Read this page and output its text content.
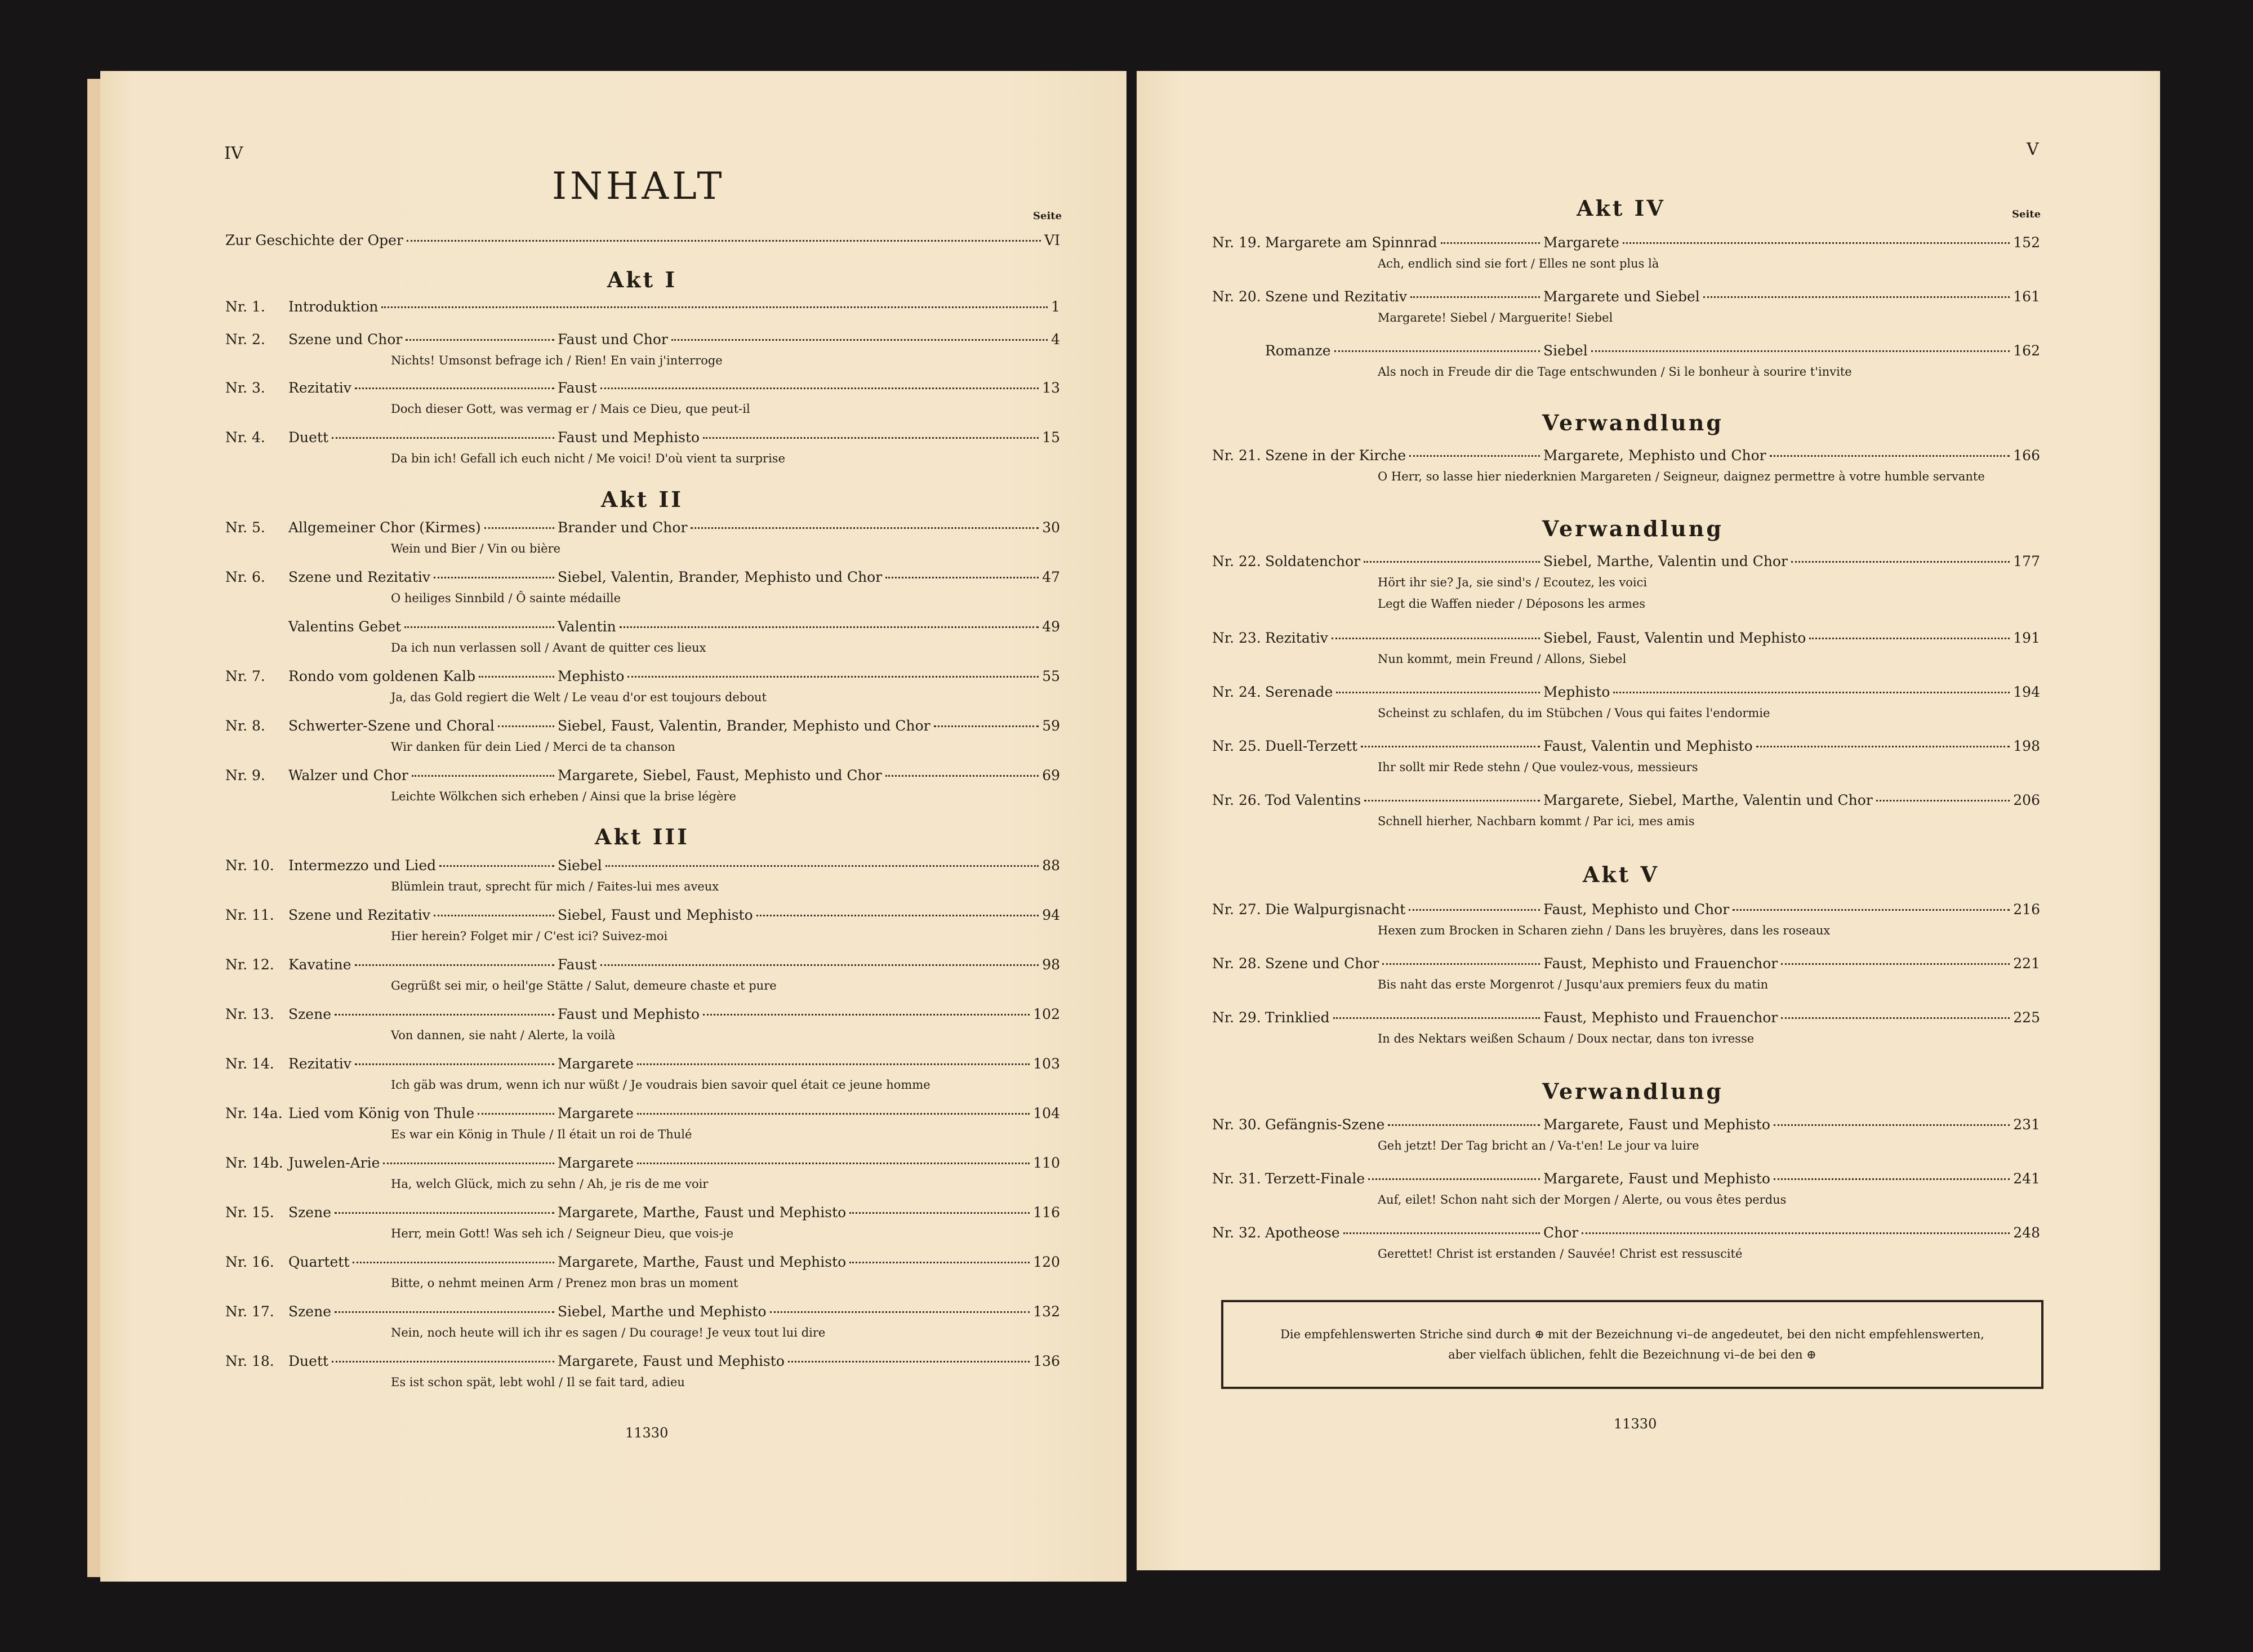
IV
INHALT
Seite
Zur Geschichte der Oper	VI
Akt I
Nr. 1.	Introduktion	1
Nr. 2.	Szene und Chor	Faust und Chor	4
Nichts! Umsonst befrage ich / Rien! En vain j'interroge
Nr. 3.	Rezitativ	Faust	13
Doch dieser Gott, was vermag er / Mais ce Dieu, que peut-il
Nr. 4.	Duett	Faust und Mephisto	15
Da bin ich! Gefall ich euch nicht / Me voici! D'où vient ta surprise
Akt II
Nr. 5.	Allgemeiner Chor (Kirmes)	Brander und Chor	30
Wein und Bier / Vin ou bière
Nr. 6.	Szene und Rezitativ	Siebel, Valentin, Brander, Mephisto und Chor	47
O heiliges Sinnbild / Ô sainte médaille
Valentins Gebet	Valentin	49
Da ich nun verlassen soll / Avant de quitter ces lieux
Nr. 7.	Rondo vom goldenen Kalb	Mephisto	55
Ja, das Gold regiert die Welt / Le veau d'or est toujours debout
Nr. 8.	Schwerter-Szene und Choral	Siebel, Faust, Valentin, Brander, Mephisto und Chor	59
Wir danken für dein Lied / Merci de ta chanson
Nr. 9.	Walzer und Chor	Margarete, Siebel, Faust, Mephisto und Chor	69
Leichte Wölkchen sich erheben / Ainsi que la brise légère
Akt III
Nr. 10.	Intermezzo und Lied	Siebel	88
Blümlein traut, sprecht für mich / Faites-lui mes aveux
Nr. 11.	Szene und Rezitativ	Siebel, Faust und Mephisto	94
Hier herein? Folget mir / C'est ici? Suivez-moi
Nr. 12.	Kavatine	Faust	98
Gegrüßt sei mir, o heil'ge Stätte / Salut, demeure chaste et pure
Nr. 13.	Szene	Faust und Mephisto	102
Von dannen, sie naht / Alerte, la voilà
Nr. 14.	Rezitativ	Margarete	103
Ich gäb was drum, wenn ich nur wüßt / Je voudrais bien savoir quel était ce jeune homme
Nr. 14a. Lied vom König von Thule	Margarete	104
Es war ein König in Thule / Il était un roi de Thulé
Nr. 14b. Juwelen-Arie	Margarete	110
Ha, welch Glück, mich zu sehn / Ah, je ris de me voir
Nr. 15.	Szene	Margarete, Marthe, Faust und Mephisto	116
Herr, mein Gott! Was seh ich / Seigneur Dieu, que vois-je
Nr. 16.	Quartett	Margarete, Marthe, Faust und Mephisto	120
Bitte, o nehmt meinen Arm / Prenez mon bras un moment
Nr. 17.	Szene	Siebel, Marthe und Mephisto	132
Nein, noch heute will ich ihr es sagen / Du courage! Je veux tout lui dire
Nr. 18.	Duett	Margarete, Faust und Mephisto	136
Es ist schon spät, lebt wohl / Il se fait tard, adieu
V
Seite
Akt IV
Nr. 19. Margarete am Spinnrad	Margarete	152
Ach, endlich sind sie fort / Elles ne sont plus là
Nr. 20. Szene und Rezitativ	Margarete und Siebel	161
Margarete! Siebel / Marguerite! Siebel
Romanze	Siebel	162
Als noch in Freude dir die Tage entschwunden / Si le bonheur à sourire t'invite
Verwandlung
Nr. 21. Szene in der Kirche	Margarete, Mephisto und Chor	166
O Herr, so lasse hier niederknien Margareten / Seigneur, daignez permettre à votre humble servante
Verwandlung
Nr. 22. Soldatenchor	Siebel, Marthe, Valentin und Chor	177
Hört ihr sie? Ja, sie sind's / Ecoutez, les voici
Legt die Waffen nieder / Déposons les armes
Nr. 23. Rezitativ	Siebel, Faust, Valentin und Mephisto	191
Nun kommt, mein Freund / Allons, Siebel
Nr. 24. Serenade	Mephisto	194
Scheinst zu schlafen, du im Stübchen / Vous qui faites l'endormie
Nr. 25. Duell-Terzett	Faust, Valentin und Mephisto	198
Ihr sollt mir Rede stehn / Que voulez-vous, messieurs
Nr. 26. Tod Valentins	Margarete, Siebel, Marthe, Valentin und Chor	206
Schnell hierher, Nachbarn kommt / Par ici, mes amis
Akt V
Nr. 27. Die Walpurgisnacht	Faust, Mephisto und Chor	216
Hexen zum Brocken in Scharen ziehn / Dans les bruyères, dans les roseaux
Nr. 28. Szene und Chor	Faust, Mephisto und Frauenchor	221
Bis naht das erste Morgenrot / Jusqu'aux premiers feux du matin
Nr. 29. Trinklied	Faust, Mephisto und Frauenchor	225
In des Nektars weißen Schaum / Doux nectar, dans ton ivresse
Verwandlung
Nr. 30. Gefängnis-Szene	Margarete, Faust und Mephisto	231
Geh jetzt! Der Tag bricht an / Va-t'en! Le jour va luire
Nr. 31. Terzett-Finale	Margarete, Faust und Mephisto	241
Auf, eilet! Schon naht sich der Morgen / Alerte, ou vous êtes perdus
Nr. 32. Apotheose	Chor	248
Gerettet! Christ ist erstanden / Sauvée! Christ est ressuscité
Die empfehlenswerten Striche sind durch ⊕ mit der Bezeichnung vi–de angedeutet, bei den nicht empfehlenswerten,
aber vielfach üblichen, fehlt die Bezeichnung vi–de bei den ⊕
11330
11330
